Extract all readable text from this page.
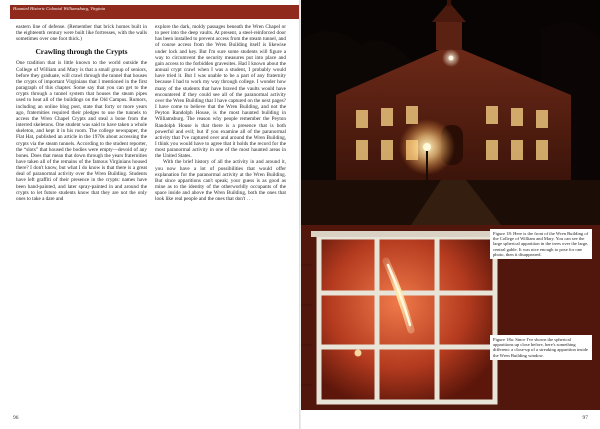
Haunted Historic Colonial Williamsburg, Virginia

eastern line of defense. (Remember that brick homes built in the eighteenth century were built like fortresses, with the walls sometimes over one foot thick.)

Crawling through the Crypts

One tradition that is little known to the world outside the College of William and Mary is that a small group of seniors, before they graduate, will crawl through the tunnel that houses the crypts of important Virginians that I mentioned in the first paragraph of this chapter. Some say that you can get to the crypts through a tunnel system that houses the steam pipes used to heat all of the buildings on the Old Campus. Rumors, including an online blog post, state that forty or more years ago, fraternities required their pledges to use the tunnels to access the Wren Chapel Crypts and steal a bone from the interred skeletons. One student was said to have taken a whole skeleton, and kept it in his room. The college newspaper, the Flat Hat, published an article in the 1970s about accessing the crypts via the steam tunnels. According to the student reporter, the “slots” that housed the bodies were empty—devoid of any bones. Does that mean that down through the years fraternities have taken all of the remains of the famous Virginians housed there? I don't know, but what I do know is that there is a great deal of paranormal activity over the Wren Building. Students have left graffiti of their presence in the crypts: names have been hand-painted, and later spray-painted in and around the crypts to let future students know that they are not the only ones to take a dare and

explore the dark, moldy passages beneath the Wren Chapel or to peer into the deep vaults. At present, a steel-reinforced door has been installed to prevent access from the steam tunnel, and of course access from the Wren Building itself is likewise under lock and key. But I'm sure some students will figure a way to circumvent the security measures put into place and gain access to the forbidden gravesites. Had I known about the annual crypt crawl when I was a student, I probably would have tried it. But I was unable to be a part of any fraternity because I had to work my way through college. I wonder how many of the students that have braved the vaults would have encountered if they could see all of the paranormal activity over the Wren Building that I have captured on the next pages? I have come to believe that the Wren Building, and not the Peyton Randolph House, is the most haunted building in Williamsburg. The reason why people remember the Peyton Randolph House is that there is a presence that is both powerful and evil; but if you examine all of the paranormal activity that I've captured over and around the Wren Building, I think you would have to agree that it holds the record for the most paranormal activity in one of the most haunted areas in the United States.

With the brief history of all the activity in and around it, you now have a lot of possibilities that would offer explanation for the paranormal activity at the Wren Building. But since apparitions can't speak; your guess is as good as mine as to the identity of the otherworldly occupants of the space inside and above the Wren Building, both the ones that look like real people and the ones that don't . . .

96
Figure 18: Here is the front of the Wren Building of the College of William and Mary. You can see the large spherical apparition in the trees over the large, central gable. It was nice enough to pose for one photo, then it disappeared.
Figure 18a: Since I've shown the spherical apparitions up close before, here's something different: a close-up of a streaking apparition inside the Wren Building window.
97
